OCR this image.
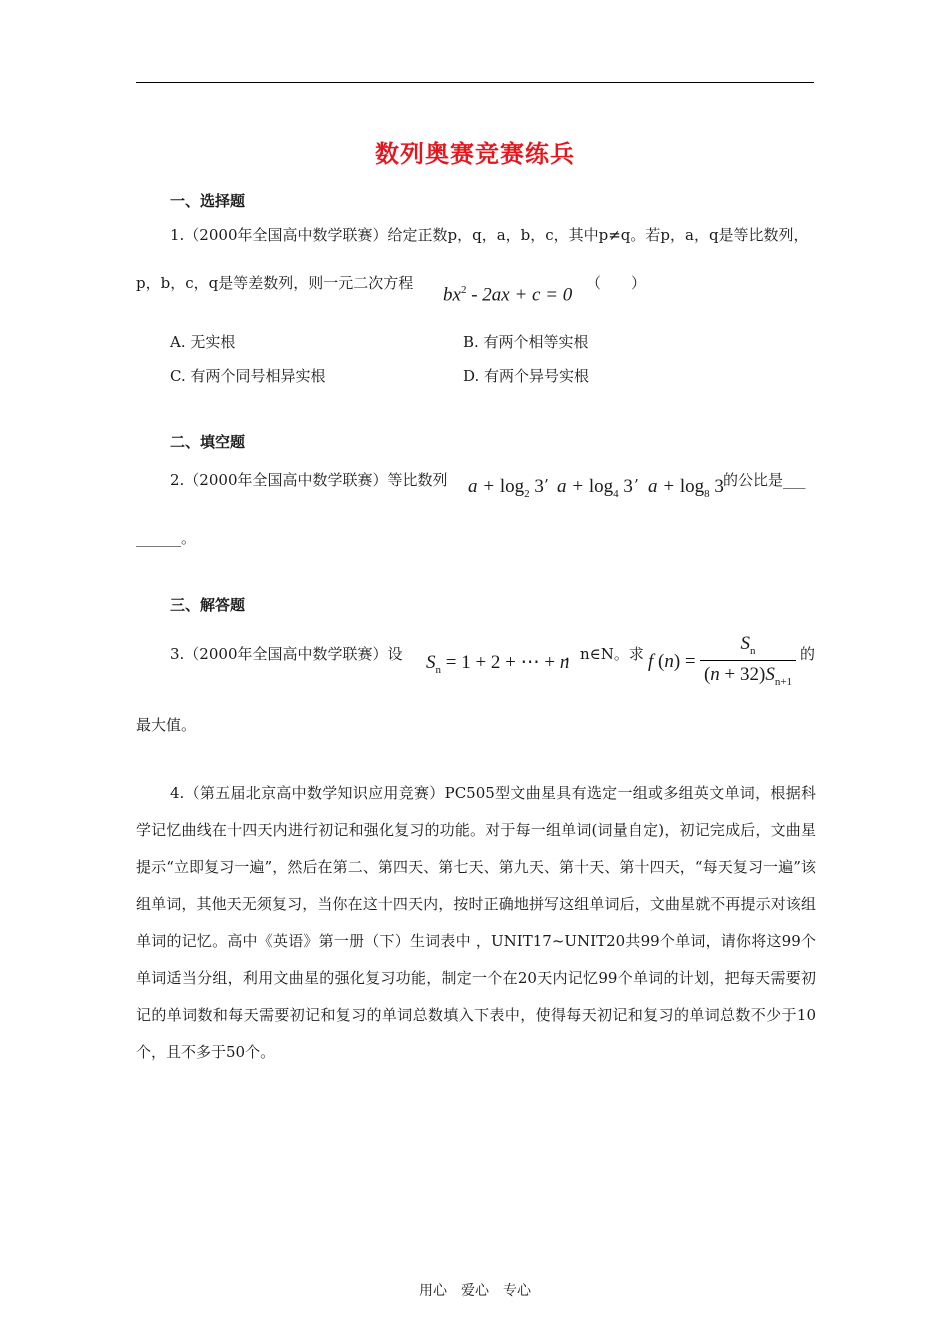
数列奥赛竞赛练兵
一、选择题
1.（2000年全国高中数学联赛）给定正数p，q，a，b，c，其中p≠q。若p，a，q是等比数列，
p，b，c，q是等差数列，则一元二次方程
$bx^2 - 2ax + c = 0$
（　　）
A. 无实根	B. 有两个相等实根
C. 有两个同号相异实根	D. 有两个异号实根
二、填空题
2.（2000年全国高中数学联赛）等比数列 $a + \log_2 3$ ’ $a + \log_4 3$ ’ $a + \log_8 3$ 的公比是___
______。
三、解答题
3.（2000年全国高中数学联赛）设 $S_n = 1 + 2$ + ⋯ + n
，n∈N。求 f (n) =
$S_n$
$(n + 32)S_{n+1}$
的
最大值。
4.（第五届北京高中数学知识应用竞赛）PC505型文曲星具有选定一组或多组英文单词，根据科学记忆曲线在十四天内进行初记和强化复习的功能。对于每一组单词(词量自定)，初记完成后，文曲星提示“立即复习一遍”，然后在第二、第四天、第七天、第九天、第十天、第十四天，“每天复习一遍”该组单词，其他天无须复习，当你在这十四天内，按时正确地拼写这组单词后，文曲星就不再提示对该组单词的记忆。高中《英语》第一册（下）生词表中 ，UNIT17~UNIT20共99个单词，请你将这99个单词适当分组，利用文曲星的强化复习功能，制定一个在20天内记忆99个单词的计划，把每天需要初记的单词数和每天需要初记和复习的单词总数填入下表中，使得每天初记和复习的单词总数不少于10个，且不多于50个。
用心　爱心　专心
